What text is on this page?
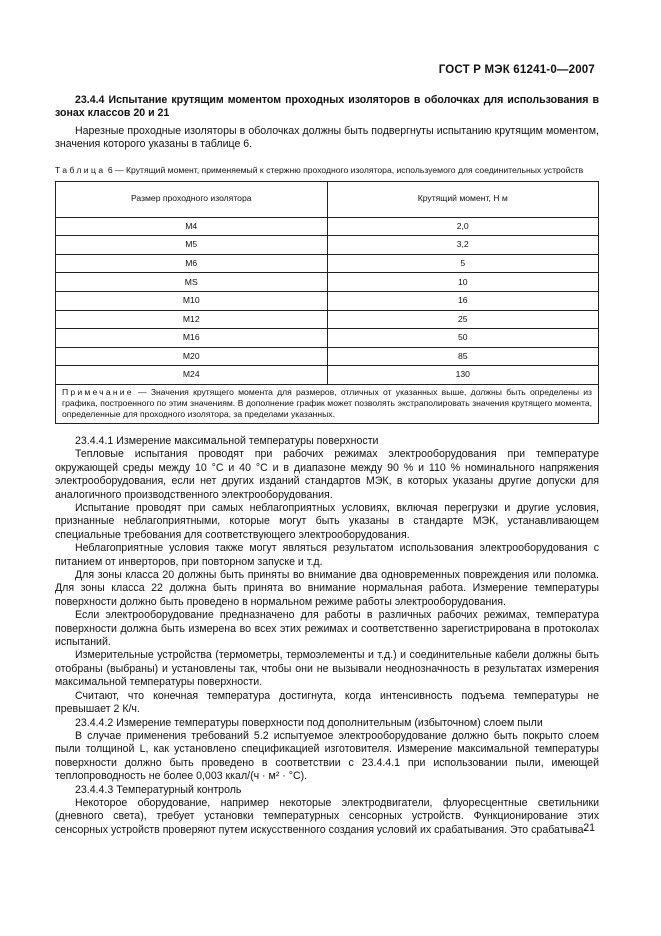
ГОСТ Р МЭК 61241-0—2007

23.4.4 Испытание крутящим моментом проходных изоляторов в оболочках для использования в зонах классов 20 и 21

Нарезные проходные изоляторы в оболочках должны быть подвергнуты испытанию крутящим моментом, значения которого указаны в таблице 6.

Таблица 6 — Крутящий момент, применяемый к стержню проходного изолятора, используемого для соединительных устройств

Размер проходного изолятора	Крутящий момент, Н м
M4	2,0
M5	3,2
M6	5
MS	10
M10	16
M12	25
M16	50
M20	85
M24	130
Примечание — Значения крутящего момента для размеров, отличных от указанных выше, должны быть определены из графика, построенного по этим значениям. В дополнение график может позволять экстраполировать значения крутящего момента, определенные для проходного изолятора, за пределами указанных.	

23.4.4.1 Измерение максимальной температуры поверхности

Тепловые испытания проводят при рабочих режимах электрооборудования при температуре окружающей среды между 10 °С и 40 °С и в диапазоне между 90 % и 110 % номинального напряжения электрооборудования, если нет других изданий стандартов МЭК, в которых указаны другие допуски для аналогичного производственного электрооборудования.

Испытание проводят при самых неблагоприятных условиях, включая перегрузки и другие условия, признанные неблагоприятными, которые могут быть указаны в стандарте МЭК, устанавливающем специальные требования для соответствующего электрооборудования.

Неблагоприятные условия также могут являться результатом использования электрооборудования с питанием от инверторов, при повторном запуске и т.д.

Для зоны класса 20 должны быть приняты во внимание два одновременных повреждения или поломка. Для зоны класса 22 должна быть принята во внимание нормальная работа. Измерение температуры поверхности должно быть проведено в нормальном режиме работы электрооборудования.

Если электрооборудование предназначено для работы в различных рабочих режимах, температура поверхности должна быть измерена во всех этих режимах и соответственно зарегистрирована в протоколах испытаний.

Измерительные устройства (термометры, термоэлементы и т.д.) и соединительные кабели должны быть отобраны (выбраны) и установлены так, чтобы они не вызывали неоднозначность в результатах измерения максимальной температуры поверхности.

Считают, что конечная температура достигнута, когда интенсивность подъема температуры не превышает 2 К/ч.

23.4.4.2 Измерение температуры поверхности под дополнительным (избыточном) слоем пыли

В случае применения требований 5.2 испытуемое электрооборудование должно быть покрыто слоем пыли толщиной L, как установлено спецификацией изготовителя. Измерение максимальной температуры поверхности должно быть проведено в соответствии с 23.4.4.1 при использовании пыли, имеющей теплопроводность не более 0,003 ккал/(ч · м² · °С).

23.4.4.3 Температурный контроль

Некоторое оборудование, например некоторые электродвигатели, флуоресцентные светильники (дневного света), требует установки температурных сенсорных устройств. Функционирование этих сенсорных устройств проверяют путем искусственного создания условий их срабатывания. Это срабатыва-

21
